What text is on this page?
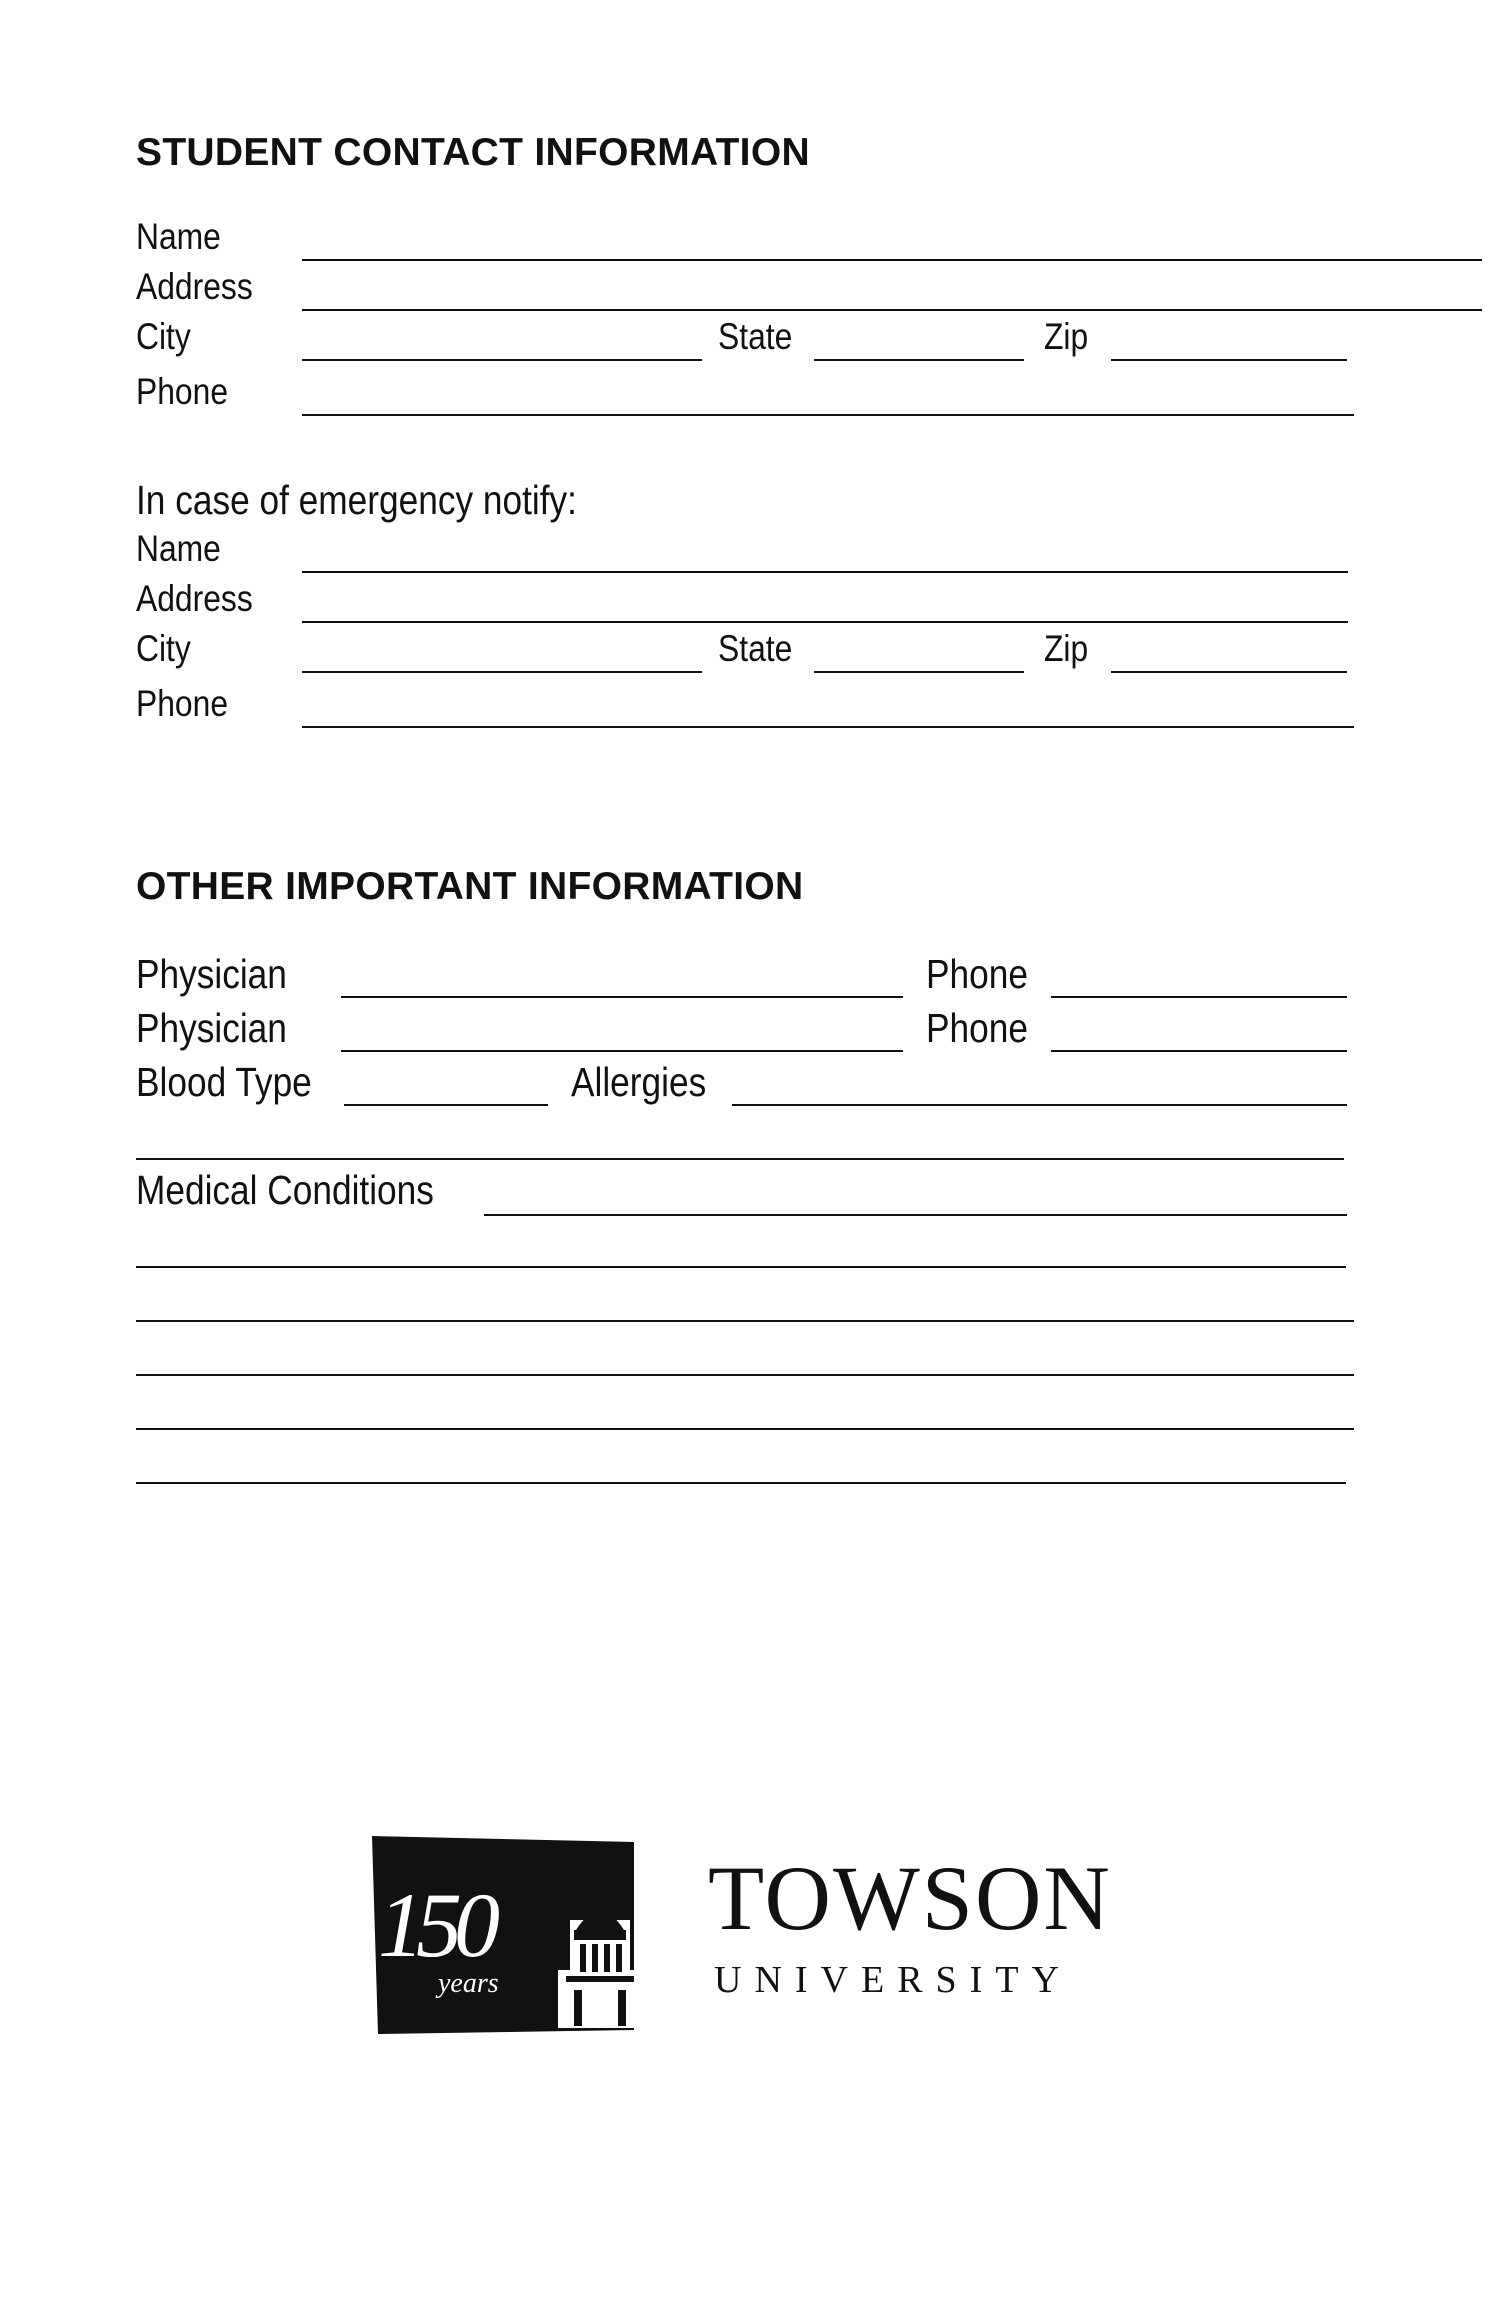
STUDENT CONTACT INFORMATION
Name
Address
City	State	Zip
Phone
In case of emergency notify:
Name
Address
City	State	Zip
Phone
OTHER IMPORTANT INFORMATION
Physician	Phone
Physician	Phone
Blood Type	Allergies
Medical Conditions
150
years
TOWSON
UNIVERSITY
